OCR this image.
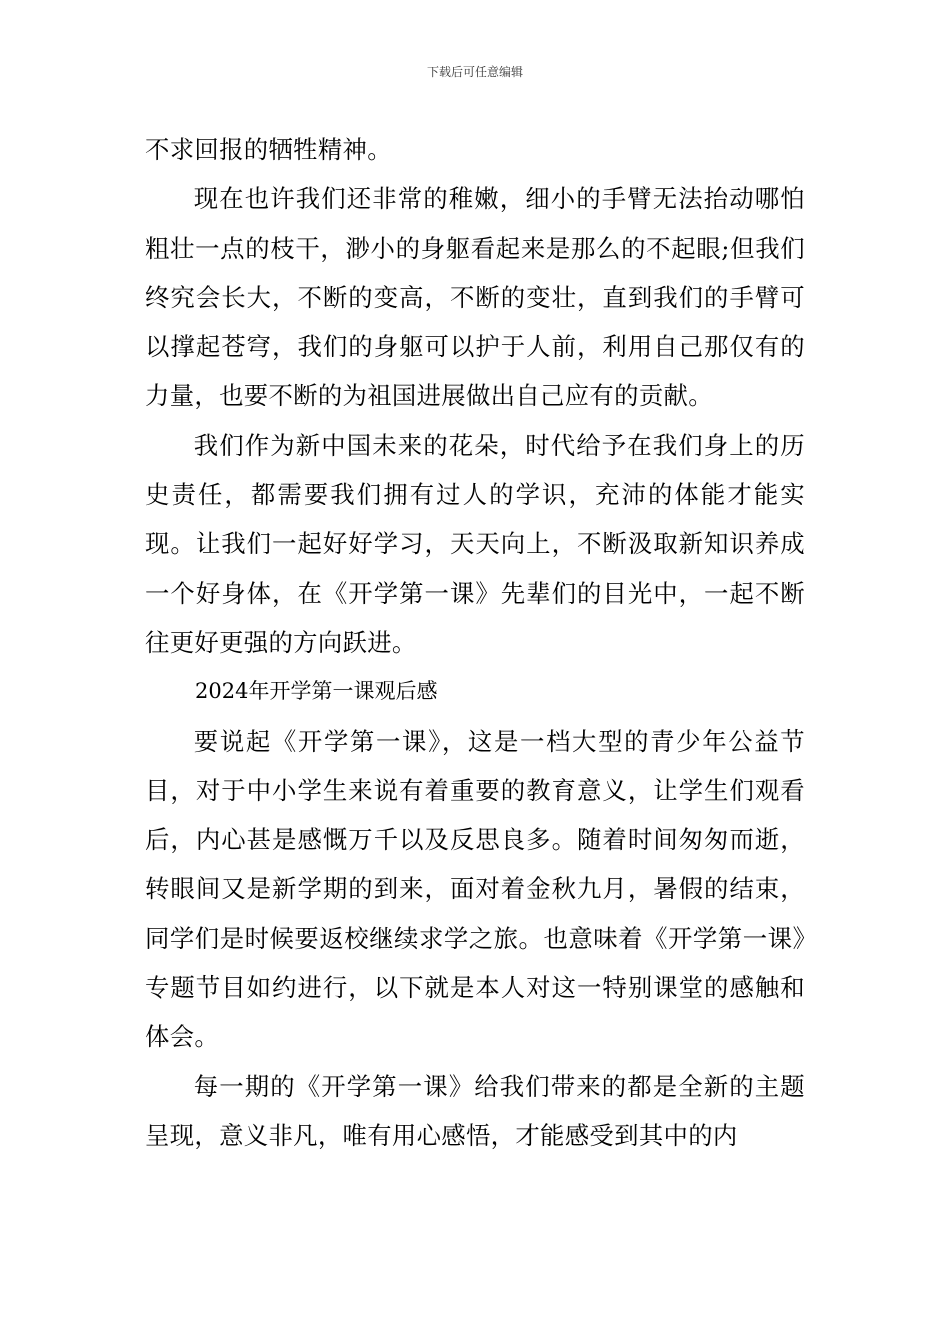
下载后可任意编辑

不求回报的牺牲精神。

现在也许我们还非常的稚嫩，细小的手臂无法抬动哪怕粗壮一点的枝干，渺小的身躯看起来是那么的不起眼;但我们终究会长大，不断的变高，不断的变壮，直到我们的手臂可以撑起苍穹，我们的身躯可以护于人前，利用自己那仅有的力量，也要不断的为祖国进展做出自己应有的贡献。

我们作为新中国未来的花朵，时代给予在我们身上的历史责任，都需要我们拥有过人的学识，充沛的体能才能实现。让我们一起好好学习，天天向上，不断汲取新知识养成一个好身体，在《开学第一课》先辈们的目光中，一起不断往更好更强的方向跃进。

2024年开学第一课观后感

要说起《开学第一课》，这是一档大型的青少年公益节目，对于中小学生来说有着重要的教育意义，让学生们观看后，内心甚是感慨万千以及反思良多。随着时间匆匆而逝，转眼间又是新学期的到来，面对着金秋九月，暑假的结束，同学们是时候要返校继续求学之旅。也意味着《开学第一课》专题节目如约进行，以下就是本人对这一特别课堂的感触和体会。

每一期的《开学第一课》给我们带来的都是全新的主题呈现，意义非凡，唯有用心感悟，才能感受到其中的内
